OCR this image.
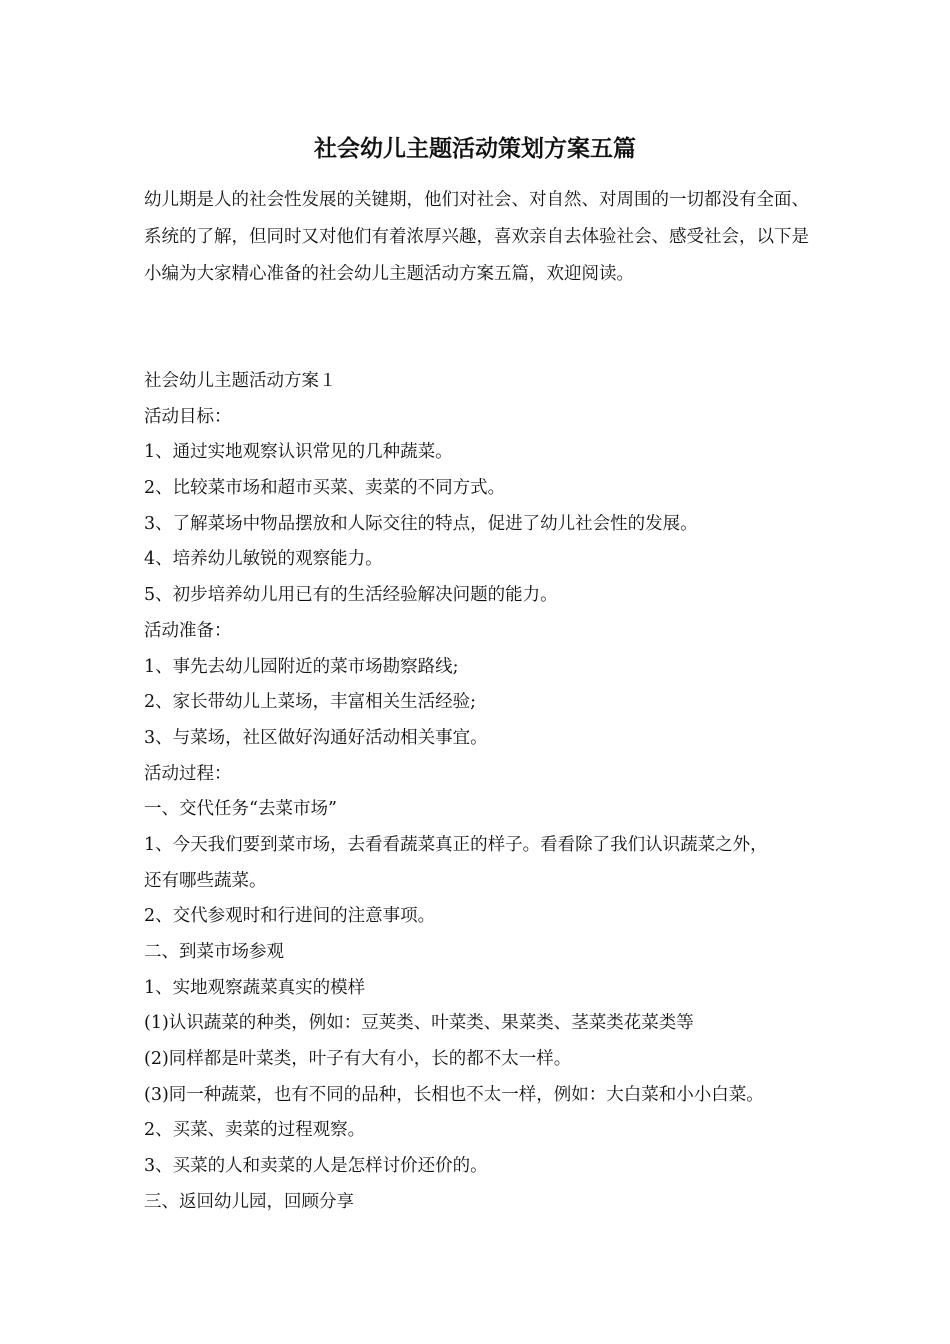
社会幼儿主题活动策划方案五篇

幼儿期是人的社会性发展的关键期，他们对社会、对自然、对周围的一切都没有全面、系统的了解，但同时又对他们有着浓厚兴趣，喜欢亲自去体验社会、感受社会，以下是小编为大家精心准备的社会幼儿主题活动方案五篇，欢迎阅读。

社会幼儿主题活动方案１
活动目标：
1、通过实地观察认识常见的几种蔬菜。
2、比较菜市场和超市买菜、卖菜的不同方式。
3、了解菜场中物品摆放和人际交往的特点，促进了幼儿社会性的发展。
4、培养幼儿敏锐的观察能力。
5、初步培养幼儿用已有的生活经验解决问题的能力。
活动准备：
1、事先去幼儿园附近的菜市场勘察路线;
2、家长带幼儿上菜场，丰富相关生活经验;
3、与菜场，社区做好沟通好活动相关事宜。
活动过程：
一、交代任务“去菜市场”
1、今天我们要到菜市场，去看看蔬菜真正的样子。看看除了我们认识蔬菜之外，
还有哪些蔬菜。
2、交代参观时和行进间的注意事项。
二、到菜市场参观
1、实地观察蔬菜真实的模样
(1)认识蔬菜的种类，例如：豆荚类、叶菜类、果菜类、茎菜类花菜类等
(2)同样都是叶菜类，叶子有大有小，长的都不太一样。
(3)同一种蔬菜，也有不同的品种，长相也不太一样，例如：大白菜和小小白菜。
2、买菜、卖菜的过程观察。
3、买菜的人和卖菜的人是怎样讨价还价的。
三、返回幼儿园，回顾分享
